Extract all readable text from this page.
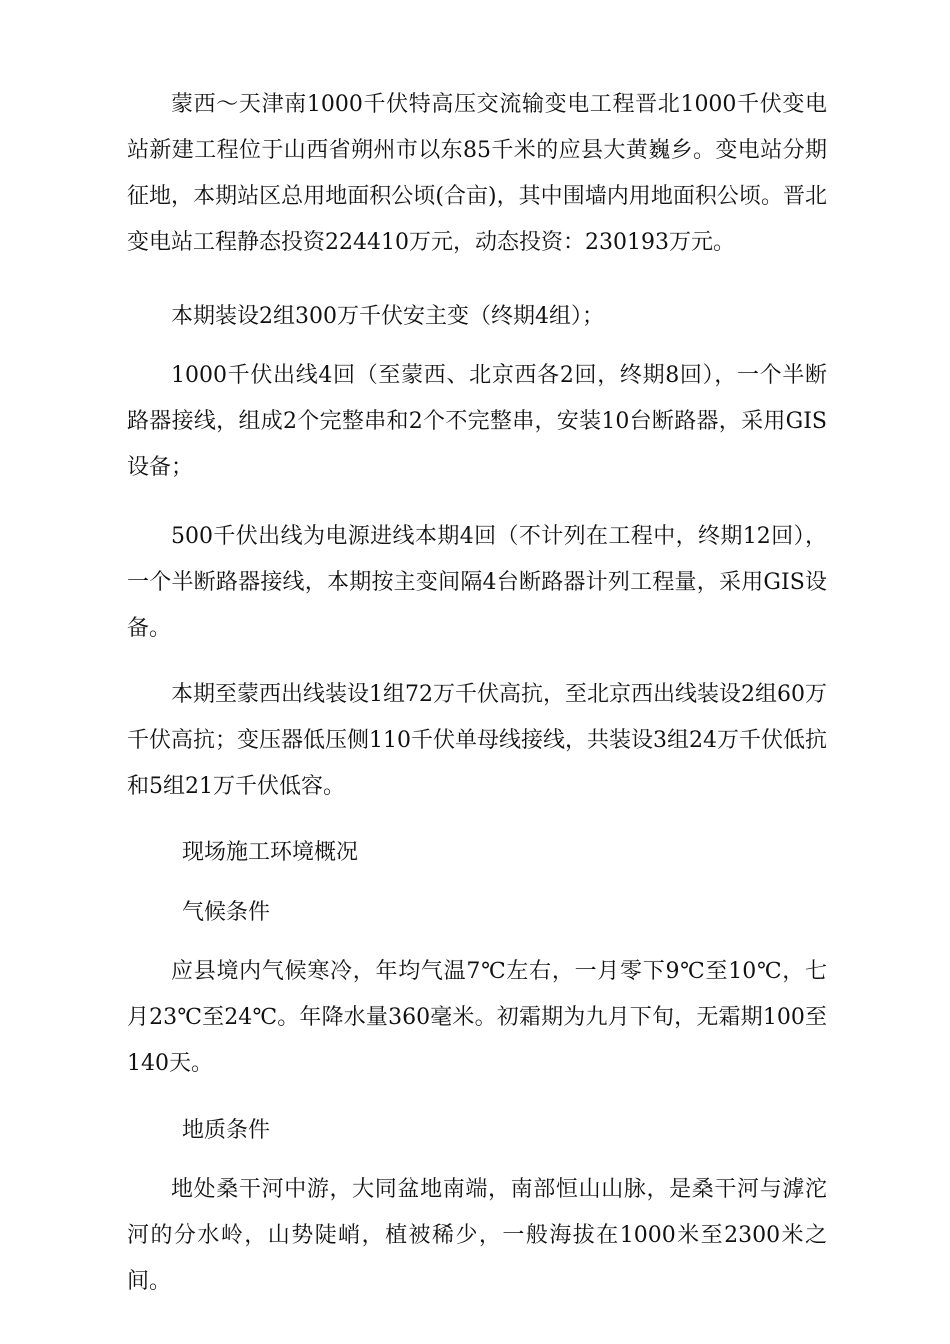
蒙西～天津南1000千伏特高压交流输变电工程晋北1000千伏变电站新建工程位于山西省朔州市以东85千米的应县大黄巍乡。变电站分期征地，本期站区总用地面积公顷(合亩)，其中围墙内用地面积公顷。晋北变电站工程静态投资224410万元，动态投资：230193万元。

本期装设2组300万千伏安主变（终期4组）；

1000千伏出线4回（至蒙西、北京西各2回，终期8回），一个半断路器接线，组成2个完整串和2个不完整串，安装10台断路器，采用GIS设备；

500千伏出线为电源进线本期4回（不计列在工程中，终期12回），一个半断路器接线，本期按主变间隔4台断路器计列工程量，采用GIS设备。

本期至蒙西出线装设1组72万千伏高抗，至北京西出线装设2组60万千伏高抗；变压器低压侧110千伏单母线接线，共装设3组24万千伏低抗和5组21万千伏低容。

现场施工环境概况

气候条件

应县境内气候寒冷，年均气温7℃左右，一月零下9℃至10℃，七月23℃至24℃。年降水量360毫米。初霜期为九月下旬，无霜期100至140天。

地质条件

地处桑干河中游，大同盆地南端，南部恒山山脉，是桑干河与滹沱河的分水岭，山势陡峭，植被稀少，一般海拔在1000米至2300米之间。
